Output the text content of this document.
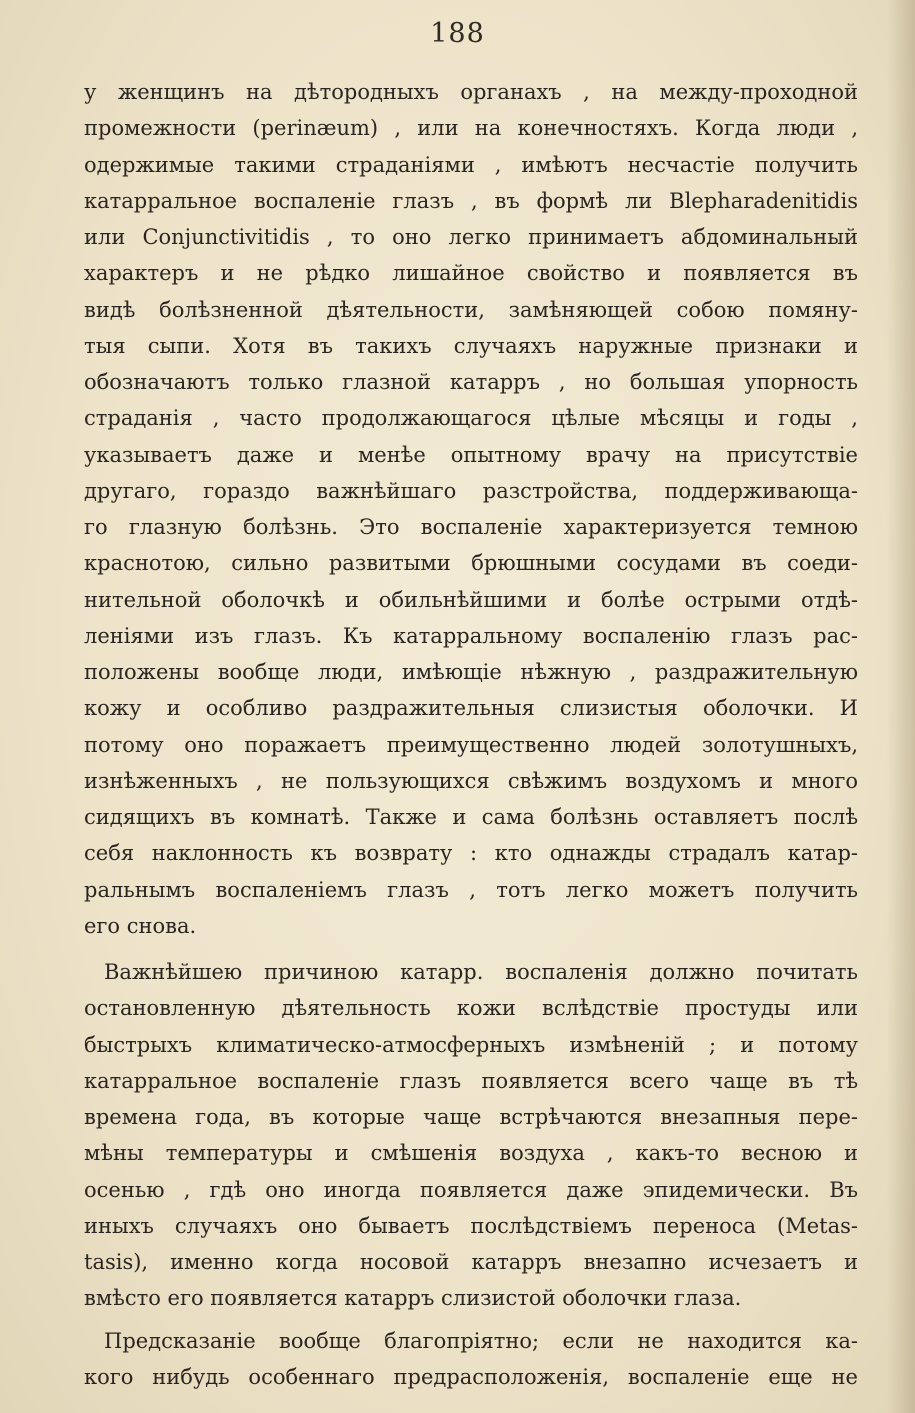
188
у женщинъ на дѣтородныхъ органахъ , на между-проходной
промежности (perinæum) , или на конечностяхъ. Когда люди ,
одержимые такими страданіями , имѣютъ несчастіе получить
катарральное воспаленіе глазъ , въ формѣ ли Blepharadenitidis
или Conjunctivitidis , то оно легко принимаетъ абдоминальный
характеръ и не рѣдко лишайное свойство и появляется въ
видѣ болѣзненной дѣятельности, замѣняющей собою помяну-
тыя сыпи. Хотя въ такихъ случаяхъ наружные признаки и
обозначаютъ только глазной катарръ , но большая упорность
страданія , часто продолжающагося цѣлые мѣсяцы и годы ,
указываетъ даже и менѣе опытному врачу на присутствіе
другаго, гораздо важнѣйшаго разстройства, поддерживающа-
го глазную болѣзнь. Это воспаленіе характеризуется темною
краснотою, сильно развитыми брюшными сосудами въ соеди-
нительной оболочкѣ и обильнѣйшими и болѣе острыми отдѣ-
леніями изъ глазъ. Къ катарральному воспаленію глазъ рас-
положены вообще люди, имѣющіе нѣжную , раздражительную
кожу и особливо раздражительныя слизистыя оболочки. И
потому оно поражаетъ преимущественно людей золотушныхъ,
изнѣженныхъ , не пользующихся свѣжимъ воздухомъ и много
сидящихъ въ комнатѣ. Также и сама болѣзнь оставляетъ послѣ
себя наклонность къ возврату : кто однажды страдалъ катар-
ральнымъ воспаленіемъ глазъ , тотъ легко можетъ получить
его снова.
Важнѣйшею причиною катарр. воспаленія должно почитать
остановленную дѣятельность кожи вслѣдствіе простуды или
быстрыхъ климатическо-атмосферныхъ измѣненій ; и потому
катарральное воспаленіе глазъ появляется всего чаще въ тѣ
времена года, въ которые чаще встрѣчаются внезапныя пере-
мѣны температуры и смѣшенія воздуха , какъ-то весною и
осенью , гдѣ оно иногда появляется даже эпидемически. Въ
иныхъ случаяхъ оно бываетъ послѣдствіемъ переноса (Metas-
tasis), именно когда носовой катарръ внезапно исчезаетъ и
вмѣсто его появляется катарръ слизистой оболочки глаза.
Предсказаніе вообще благопріятно; если не находится ка-
кого нибудь особеннаго предрасположенія, воспаленіе еще не
